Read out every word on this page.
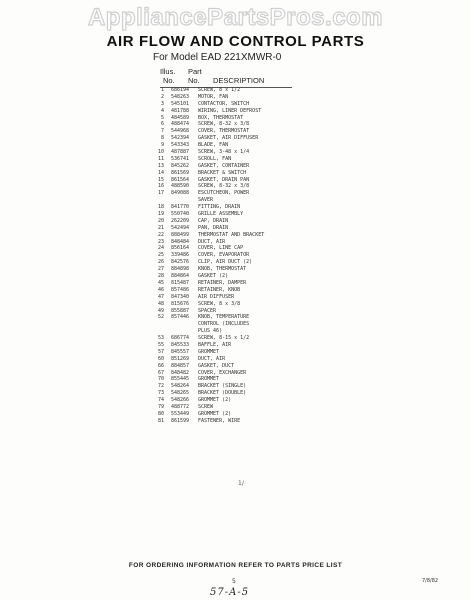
AppliancePartsPros.com
AIR FLOW AND CONTROL PARTS
For Model EAD 221XMWR-0
Illus. Part
No. No. DESCRIPTION
1 686194 SCREW, 8 x 1/2
2 548263 MOTOR, FAN
3 545101 CONTACTOR, SWITCH
4 481788 WIRING, LINER DEFROST
5 484589 BOX, THERMOSTAT
6 488474 SCREW, 8-32 x 3/8
7 544968 COVER, THERMOSTAT
8 542394 GASKET, AIR DIFFUSER
9 543343 BLADE, FAN
10 487887 SCREW, 3-48 x 1/4
11 536741 SCROLL, FAN
13 845262 GASKET, CONTAINER
14 861569 BRACKET & SWITCH
15 861564 GASKET, DRAIN PAN
16 488590 SCREW, 8-32 x 3/8
17 849088 ESCUTCHEON, POWER
SAVER
18 841770 FITTING, DRAIN
19 550740 GRILLE ASSEMBLY
20 262209 CAP, DRAIN
21 542494 PAN, DRAIN
22 888499 THERMOSTAT AND BRACKET
23 848484 DUCT, AIR
24 856164 COVER, LINE CAP
25 339486 COVER, EVAPORATOR
26 842576 CLIP, AIR DUCT (2)
27 884898 KNOB, THERMOSTAT
28 884864 GASKET (2)
45 815487 RETAINER, DAMPER
46 857486 RETAINER, KNOB
47 847340 AIR DIFFUSER
48 815676 SCREW, 8 x 3/8
49 855887 SPACER
52 857446 KNOB, TEMPERATURE
CONTROL (INCLUDES
PLUS 46)
53 686774 SCREW, 8-15 x 1/2
55 845533 BAFFLE, AIR
57 845557 GROMMET
60 851269 DUCT, AIR
66 884857 GASKET, DUCT
67 848482 COVER, EXCHANGER
70 855445 GROMMET
72 548264 BRACKET (SINGLE)
73 548265 BRACKET (DOUBLE)
74 548266 GROMMET (2)
79 488772 SCREW
80 553449 GROMMET (2)
81 861599 FASTENER, WIRE
1/
FOR ORDERING INFORMATION REFER TO PARTS PRICE LIST
5	7/8/82
57-A-5
